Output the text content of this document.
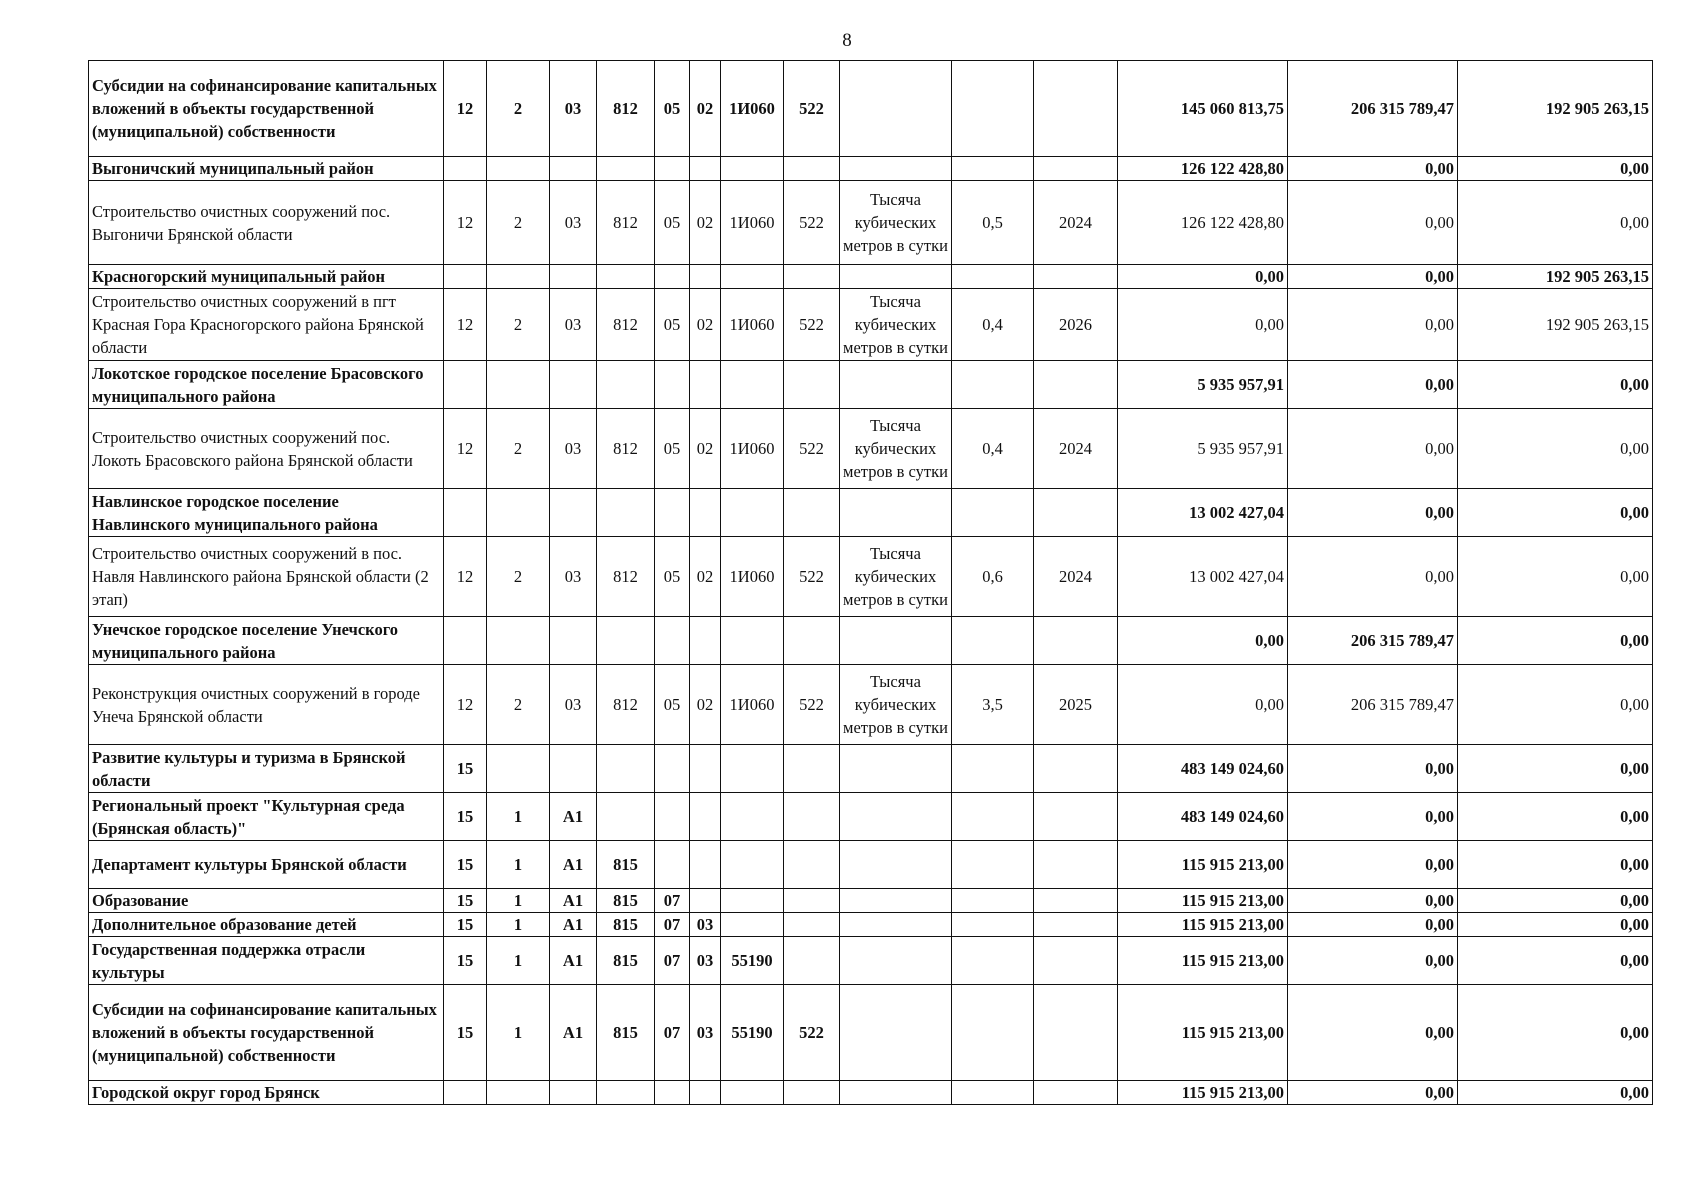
8
Субсидии на софинансирование капитальных вложений в объекты государственной (муниципальной) собственности	12	2	03	812	05	02	1И060	522				145 060 813,75	206 315 789,47	192 905 263,15
Выгоничский муниципальный район												126 122 428,80	0,00	0,00
Строительство очистных сооружений пос. Выгоничи Брянской области	12	2	03	812	05	02	1И060	522	Тысяча кубических метров в сутки	0,5	2024	126 122 428,80	0,00	0,00
Красногорский муниципальный район												0,00	0,00	192 905 263,15
Строительство очистных сооружений в пгт Красная Гора Красногорского района Брянской области	12	2	03	812	05	02	1И060	522	Тысяча кубических метров в сутки	0,4	2026	0,00	0,00	192 905 263,15
Локотское городское поселение Брасовского муниципального района												5 935 957,91	0,00	0,00
Строительство очистных сооружений пос. Локоть Брасовского района Брянской области	12	2	03	812	05	02	1И060	522	Тысяча кубических метров в сутки	0,4	2024	5 935 957,91	0,00	0,00
Навлинское городское поселение Навлинского муниципального района												13 002 427,04	0,00	0,00
Строительство очистных сооружений в пос. Навля Навлинского района Брянской области (2 этап)	12	2	03	812	05	02	1И060	522	Тысяча кубических метров в сутки	0,6	2024	13 002 427,04	0,00	0,00
Унечское городское поселение Унечского муниципального района												0,00	206 315 789,47	0,00
Реконструкция очистных сооружений в городе Унеча Брянской области	12	2	03	812	05	02	1И060	522	Тысяча кубических метров в сутки	3,5	2025	0,00	206 315 789,47	0,00
Развитие культуры и туризма в Брянской области	15											483 149 024,60	0,00	0,00
Региональный проект "Культурная среда (Брянская область)"	15	1	А1									483 149 024,60	0,00	0,00
Департамент культуры Брянской области	15	1	А1	815								115 915 213,00	0,00	0,00
Образование	15	1	А1	815	07							115 915 213,00	0,00	0,00
Дополнительное образование детей	15	1	А1	815	07	03						115 915 213,00	0,00	0,00
Государственная поддержка отрасли культуры	15	1	А1	815	07	03	55190					115 915 213,00	0,00	0,00
Субсидии на софинансирование капитальных вложений в объекты государственной (муниципальной) собственности	15	1	А1	815	07	03	55190	522				115 915 213,00	0,00	0,00
Городской округ город Брянск												115 915 213,00	0,00	0,00
